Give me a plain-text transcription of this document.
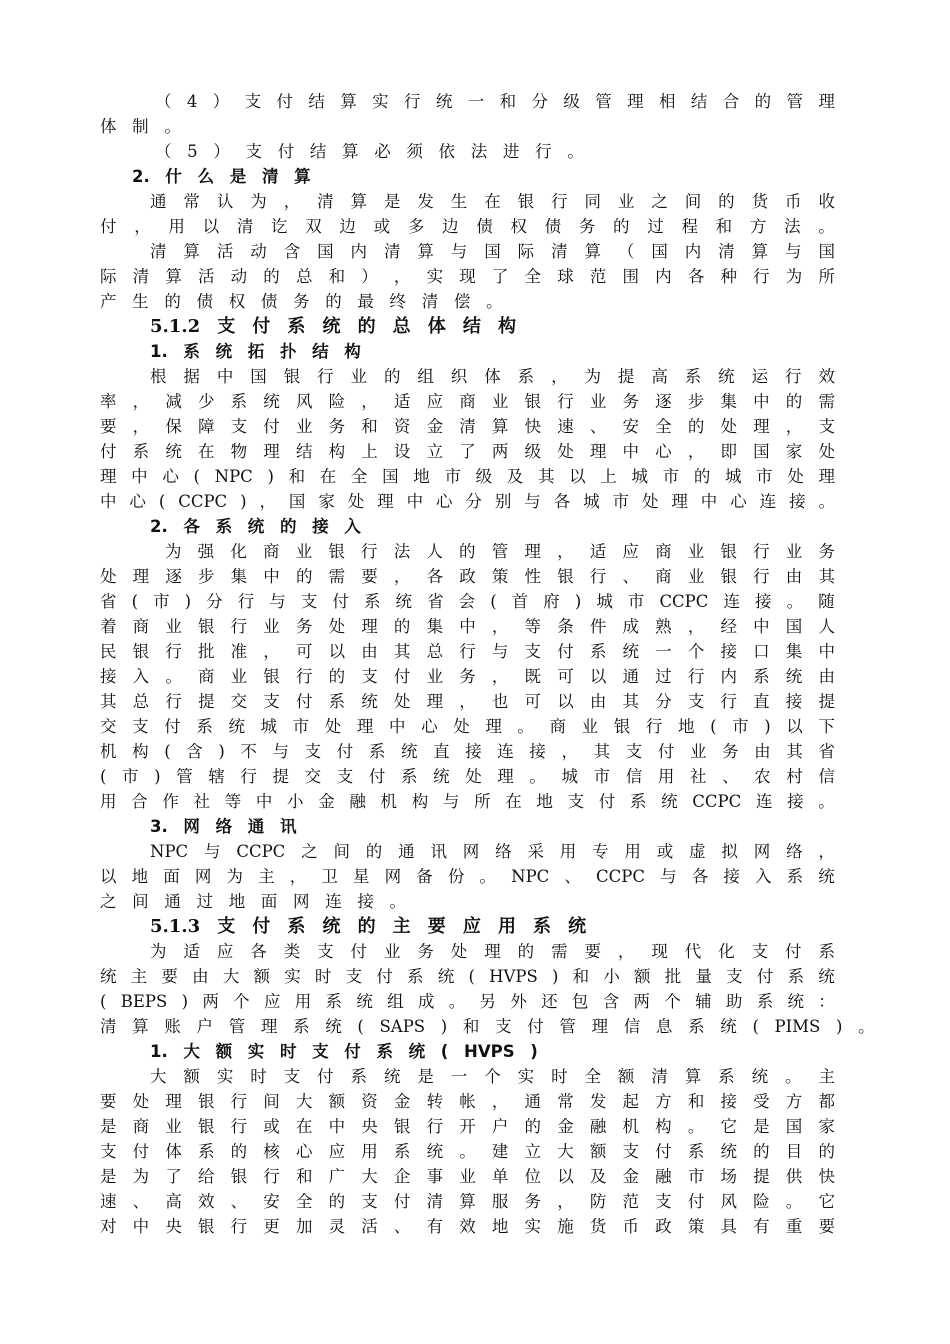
（ 4 ） 支 付 结 算 实 行 统 一 和 分 级 管 理 相 结 合 的 管 理
体 制 。
（ 5 ） 支 付 结 算 必 须 依 法 进 行 。
2. 什 么 是 清 算
通 常 认 为 ， 清 算 是 发 生 在 银 行 同 业 之 间 的 货 币 收
付 ， 用 以 清 讫 双 边 或 多 边 债 权 债 务 的 过 程 和 方 法 。
清 算 活 动 含 国 内 清 算 与 国 际 清 算 （ 国 内 清 算 与 国
际 清 算 活 动 的 总 和 ） ， 实 现 了 全 球 范 围 内 各 种 行 为 所
产 生 的 债 权 债 务 的 最 终 清 偿 。
5.1.2 支 付 系 统 的 总 体 结 构
1. 系 统 拓 扑 结 构
根 据 中 国 银 行 业 的 组 织 体 系 ， 为 提 高 系 统 运 行 效
率 ， 减 少 系 统 风 险 ， 适 应 商 业 银 行 业 务 逐 步 集 中 的 需
要 ， 保 障 支 付 业 务 和 资 金 清 算 快 速 、 安 全 的 处 理 ， 支
付 系 统 在 物 理 结 构 上 设 立 了 两 级 处 理 中 心 ， 即 国 家 处
理 中 心 ( NPC ) 和 在 全 国 地 市 级 及 其 以 上 城 市 的 城 市 处 理
中 心 ( CCPC ) ， 国 家 处 理 中 心 分 别 与 各 城 市 处 理 中 心 连 接 。
2. 各 系 统 的 接 入
为 强 化 商 业 银 行 法 人 的 管 理 ， 适 应 商 业 银 行 业 务
处 理 逐 步 集 中 的 需 要 ， 各 政 策 性 银 行 、 商 业 银 行 由 其
省 ( 市 ) 分 行 与 支 付 系 统 省 会 ( 首 府 ) 城 市 CCPC 连 接 。 随
着 商 业 银 行 业 务 处 理 的 集 中 ， 等 条 件 成 熟 ， 经 中 国 人
民 银 行 批 准 ， 可 以 由 其 总 行 与 支 付 系 统 一 个 接 口 集 中
接 入 。 商 业 银 行 的 支 付 业 务 ， 既 可 以 通 过 行 内 系 统 由
其 总 行 提 交 支 付 系 统 处 理 ， 也 可 以 由 其 分 支 行 直 接 提
交 支 付 系 统 城 市 处 理 中 心 处 理 。 商 业 银 行 地 ( 市 ) 以 下
机 构 ( 含 ) 不 与 支 付 系 统 直 接 连 接 ， 其 支 付 业 务 由 其 省
( 市 ) 管 辖 行 提 交 支 付 系 统 处 理 。 城 市 信 用 社 、 农 村 信
用 合 作 社 等 中 小 金 融 机 构 与 所 在 地 支 付 系 统 CCPC 连 接 。
3. 网 络 通 讯
NPC 与 CCPC 之 间 的 通 讯 网 络 采 用 专 用 或 虚 拟 网 络 ，
以 地 面 网 为 主 ， 卫 星 网 备 份 。 NPC 、 CCPC 与 各 接 入 系 统
之 间 通 过 地 面 网 连 接 。
5.1.3 支 付 系 统 的 主 要 应 用 系 统
为 适 应 各 类 支 付 业 务 处 理 的 需 要 ， 现 代 化 支 付 系
统 主 要 由 大 额 实 时 支 付 系 统 ( HVPS ) 和 小 额 批 量 支 付 系 统
( BEPS ) 两 个 应 用 系 统 组 成 。 另 外 还 包 含 两 个 辅 助 系 统 ：
清 算 账 户 管 理 系 统 ( SAPS ) 和 支 付 管 理 信 息 系 统 ( PIMS ) 。
1. 大 额 实 时 支 付 系 统 ( HVPS )
大 额 实 时 支 付 系 统 是 一 个 实 时 全 额 清 算 系 统 。 主
要 处 理 银 行 间 大 额 资 金 转 帐 ， 通 常 发 起 方 和 接 受 方 都
是 商 业 银 行 或 在 中 央 银 行 开 户 的 金 融 机 构 。 它 是 国 家
支 付 体 系 的 核 心 应 用 系 统 。 建 立 大 额 支 付 系 统 的 目 的
是 为 了 给 银 行 和 广 大 企 事 业 单 位 以 及 金 融 市 场 提 供 快
速 、 高 效 、 安 全 的 支 付 清 算 服 务 ， 防 范 支 付 风 险 。 它
对 中 央 银 行 更 加 灵 活 、 有 效 地 实 施 货 币 政 策 具 有 重 要
